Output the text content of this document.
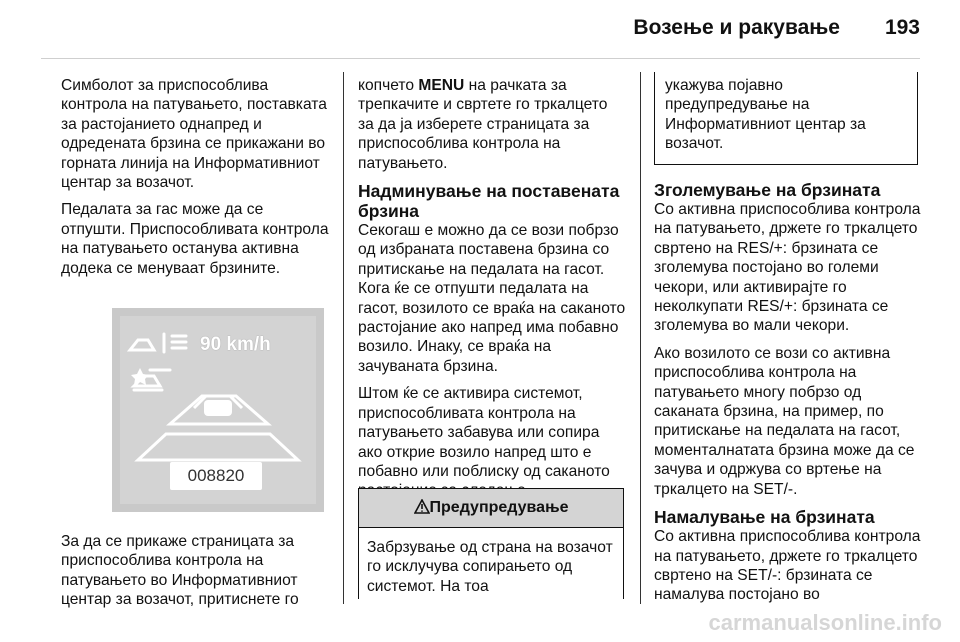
Возење и ракување 193

Симболот за приспособлива контрола на патувањето, поставката за растојанието однапред и одредената брзина се прикажани во горната линија на Информативниот центар за возачот.

Педалата за гас може да се отпушти. Приспособливата контрола на патувањето останува активна додека се менуваат брзините.

90 km/h
008820

За да се прикаже страницата за приспособлива контрола на патувањето во Информативниот центар за возачот, притиснете го

копчето MENU на рачката за трепкачите и свртете го тркалцето за да ја изберете страницата за приспособлива контрола на патувањето.

Надминување на поставената брзина

Секогаш е можно да се вози побрзо од избраната поставена брзина со притискање на педалата на гасот. Кога ќе се отпушти педалата на гасот, возилото се враќа на саканото растојание ако напред има побавно возило. Инаку, се враќа на зачуваната брзина.

Штом ќе се активира системот, приспособливата контрола на патувањето забавува или сопира ако открие возило напред што е побавно или поблиску од саканото

Предупредување
Забрзување од страна на возачот го исклучува сопирањето од системот. На тоа
укажува појавно предупредување на Информативниот центар за возачот.
Зголемување на брзината

Со активна приспособлива контрола на патувањето, држете го тркалцето свртено на RES/+: брзината се зголемува постојано во големи чекори, или активирајте го неколкупати RES/+: брзината се зголемува во мали чекори.

Ако возилото се вози со активна приспособлива контрола на патувањето многу побрзо од саканата брзина, на пример, по притискање на педалата на гасот, моменталнатата брзина може да се зачува и одржува со вртење на тркалцето на SET/-.

Намалување на брзината

Со активна приспособлива контрола на патувањето, држете го тркалцето свртено на SET/-: брзината се намалува постојано во

carmanualsonline.info
